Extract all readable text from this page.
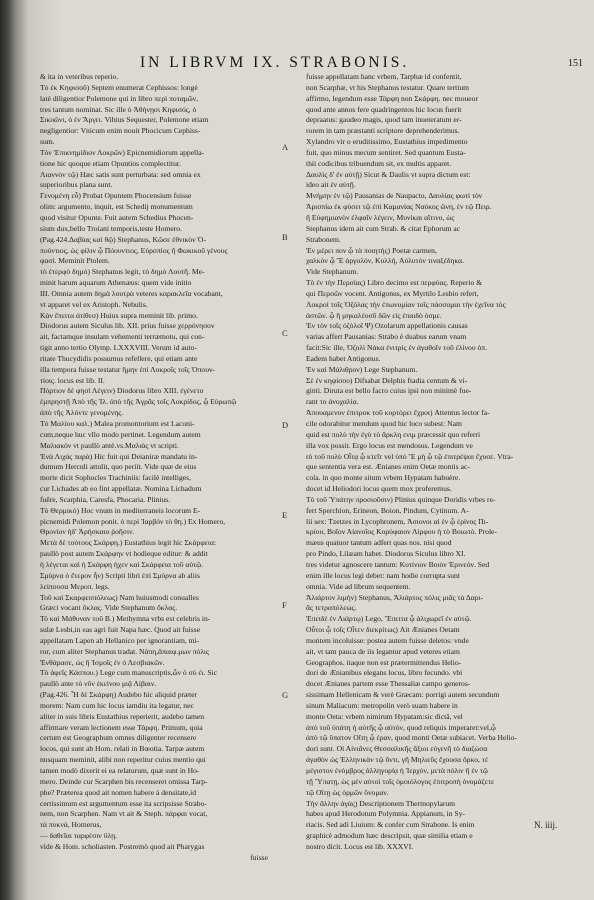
IN LIBRVM IX. STRABONIS.	151
& ita in veteribus reperio.
Τὸ ἐκ Κηφισοῦ) Septem enumerat Cephissos: longè
latè diligentior Polemone qui in libro περὶ ποταμῶν,
tres tantum nominat. Sic ille ὁ Ἀθήνῃσι Κηφισός, ὁ
Σικυῶνι, ὁ ἐν Ἄργει. Vibius Sequester, Polemone etiam
negligentior: Vnicum enim nouit Phocicum Cephiss-
sum.
Τὸν Ἐπικνημίδιον Λοκρῶν) Epicnemidiorum appella-
tione hic quoque etiam Opuntios complectitur.
Λιαννὸν τῷ) Hæc satis sunt perturbata: sed omnia ex
superioribus plana sunt.
Γενομένη εὖ) Probat Opuntem Phocensium fuisse
olim: argumento, inquit, est Schedij monumentum
quod visitur Opunte. Fuit autem Schedius Phocen-
sium dux,bello Troiani temporis,teste Homero.
(Pag.424.Δαβίας καὶ θῷ) Stephanus, Κῶσε ἐθνικὸν Ὀ-
πούντιος, ὡς φίλιν ᾧ Πόουντιος, Εὐρσπίος ἤ Φωκικοῦ γένους
φασί. Meminit Ptolem.
τὸ ἐτερφὸ δημὸ) Stephanus legit, τὸ δημὸ Λουτῆ. Me-
minit harum aquarum Athenæus: quem vide initio
III. Omnia autem δημὰ λουτρὰ veteres καρακλεῖα vocabant,
vt apparet vel ex Aristoph. Nebulis.
Κὰν ἔπειτα ἀτίθεσ) Huius supra meminit lib. primo.
Diodorus autem Siculus lib. XII. prius fuisse χερρόνησον
ait, factamque insulam vehementi terræmotu, qui con-
tigit anno tertio Olymp. LXXXVIII. Verum id auto-
ritate Thucydidis possumus refellere, qui etiam ante
illa tempora fuisse testatur ἥμην ἐπὶ Λοκροῖς τοῖς Ὀπουν-
τίοις. locus est lib. II.
Πόρτιον δὲ φησὶ Λέγειν) Diodorus libro XIII. ἐγένετο
ἐμπρηστῇ Ἀπὸ τῆς Ἰλ. ἀπὸ τῆς Ἀγρᾶς τοῖς Λοκρίδος, ᾧ Εὐρωπῷ
ἀπὸ τῆς Ἀλόντε γενομένης.
Τὸ Μαλίου καλ.) Malea promontorium est Laconi-
cum,neque huc vllo modo pertinet. Legendum autem
Μαλιακόν vt paullò antè.vs.Μαλιὰς vt scripti.
Ἐνὰ Λιχάς παρὰ) Hic fuit qui Deianiræ mandatu in-
dumum Herculi attulit, quo periit. Vide quæ de eius
morte dicit Sophocles Trachiniis: facilè intelliges,
cur Lichades ab eo fint appellatæ. Nomina Lichadum
fuêre, Scarphia, Caresfa, Phocaria. Plinius.
Τὸ Θερμικὸ) Hoc vnum in mediterraneis locorum E-
picnemidi Polemon ponit. ὁ περὶ Ἰαρβόν τὸ θη.) Ex Homero,
Θρονὶον ἠδ' Ἀρήσκαιο ῥοῆσιν.
Μετὰ δὲ τούτους Σκάρφη.) Eustathius legit hic Σκάρφεια:
paullò post autem Σκάρφην vt hodieque editur: & addit
ἡ λέγεται καὶ ἡ Σκάρφη ἠχεν καὶ Σκάρφεια τοῦ αὐτῷ.
Σμύρνα ὁ ἕτερον ἦν) Scripti libri ἐπὶ Σμύρνα ab aliis
λείπουσα Μεροπ. legs.
Τοῦ καὶ Σκαρφεοπόλεως) Nam huiusmodi conualles
Græci vocant ὄκλας. Vide Stephanum ὄκλας.
Τό καὶ Μάθυναν τοῦ Β.) Methymna vrbs est celebris in-
sulæ Lesbi,in eas agri fuit Napa hæc. Quod ait fuisse
appellatam Lapen ab Hellanico per ignorantiam, mi-
ror, cum aliter Stephanus tradat. Νάπη,ἄπαιφ.μων πόλις
Ἐνθάρασε, ὡς ἢ Ἰσμοῖς ἐν ὁ Λεσβιακῶν.
Τὸ ἀφεῖς Κάσπου.) Lege cum manuscriptis,ὧν ὁ σὺ ἐι. Sic
paullò ante τὸ νῦν ἐκείνου μιᾷ Λίβαιν.
(Pag.426. Ἦ δὲ Σκάρφη) Audebo hic aliquid præter
morem: Nam cum hic locus iamdiu ita legatur, nec
aliter in suis libris Eustathius reperierit, audebo tamen
affirmare veram lectionem esse Τάρφη. Primum, quia
certum est Geographum omnes diligenter recensere
locos, qui sunt ab Hom. relati in Bœotia. Tarpæ autem
nusquam meminit, alibi non reperitur cuius mentio qui
tamen modò dixerit ei ea relaturum, quæ sunt in Ho-
mero. Deinde cur Scarphen bis recenseret omissa Tarp-
phe? Præterea quod ait nomen habere à densitate,id
certissimum est argumentum esse ita scripsisse Strabo-
nem, non Scarphen. Nam vt ait & Steph. πάρφαι vocat,
τὰ πυκνὰ, Homerus,
— δαθεῖαι ταρφέσιν ὕλῃ.
vide & Hom. scholiasten. Postremò quod ait Pharygas
fuisse
fuisse appellatam hanc vrbem, Tarphæ id confentit,
non Scarphæ, vt his Stephanus testatur. Quare tertium
affirmo, legendum esse Τάρφη non Σκάρφη. nec moueor
quod ante annos fere quadringentos hic locus fuerit
depraatus: gaudeo magis, quod tam inueteratum er-
rorem in tam præstanti scriptore deprehenderimus.
Xylandro vir o eruditissimo, Eustathius impedimento
fuit, quo minus mecum sentiret. Sed quantum Eusta-
thii codicibus tribuendum sit, ex multis apparet.
Δαυλὶς δ' ἐν αὐτῇ) Sicut & Daulis vt supra dictum est:
ideo ait ἐν αὐτῇ.
Μνήμην ἐν τῷ) Pausanias de Naupacto, Δαυλίας φωτὶ τὸν
Ἀρισπίω ἐκ φύσει τῷ ἐπὶ Καμανίας Ναύκος ὤνη, ἐν τῷ Πειρ.
ἢ Εὐφημιανὸν ἐλφαῖν λέγειν, Μυνίκαι αἴτινο, ὡς
Stephanus idem ait cum Strab. & citat Ephorum ac
Strabonem.
Ἐν μέρει πον ᾧ τὰ ποιητὴς) Poetæ carmen,
χαλκὸν ᾧ Ἔ ἀργολόν, Κυλλὴ, Αὐλυτόν τιναξέδηκα.
Vide Stephanum.
Τὸ ἐν τὴν Περσίας) Libro decimo est περφύας. Reperio &
qui Περσῶν vocent. Antigonus, ex Myrtilo Lesbio refert,
Λοκροὶ τοῖς Ὀζόλας τὴν ἐπωνυμίαν τοῖς πάσσομαι τὴν ἐχεῖνα τὸς
ἀστῶν. ᾧ ἢ μηκαλέοσῦ δῶν εἰς ἐπαιδὸ ὁσμε.
Ἐν τὸν τοῖς ὀζόλοῖ Ψ) Ozolarum appellationis causas
varias affert Pausanias: Strabo è duabus earum vnam
facit:Sic ille, Ὀζολὶ Νάκα ἐνιτρὶς ἐν ἀγαθοῖν τοῦ ἐλίνου ὁπ.
Eadem habet Antigonus.
Ἐν καὶ Μάλιθρον) Lege Stephanum.
Σὲ ἐν κηφίσου) Difsabat Delphis ftadia centum & vi-
ginti. Diruta est bello facro cuius ipsi non minimè fue-
rant το ἀνοχαλία.
Ἀπουαμενον ἐπιτροκ τοῦ κυρτόρει ἔχροι) Attentus lector fa-
cile odorabitur mendum quod hic loco subest: Nam
quid est πολὺ τὴν ἐγὺ τὸ ἄρκλη ενιμ præcessit quo referri
illa vox possit. Ergo locus est mendosus. Legendum ve
rò τοῦ πολὺ Οἶτᾳ ᾧ κτεῖτ vel ὑπὸ Ἔ μὴ ᾧ τῷ ἐπιτρέψαι ἔχυσε. Vtra-
que sententia vera est. Ænianes enim Oetæ montis ac-
cola. in quo monte situm vrbem Hypatam habuère.
docet id Heliodori locus quem mox proferemus.
Τὸ τοῦ Ὑπάτην προσιοῦσιν) Plinius quinque Doridis vrbes re-
fert Sperchion, Erineon, Boion, Pindum, Cytinum. A-
lii sex: Tzetzes in Lycophronem, Ἀσιονοι αἱ ἐν ᾧ ἐρίνος Πι-
κρίου, Βοῖον Αἰανοῖος Κορύφαιον Λίρφου ἡ τὸ Βοιωτὸ. Prole-
mæus quatuor tantum adfert quas nos. nisi quod
pro Pindo, Lilæam habet. Diodorus Siculus libro XI.
tres videtur agnoscere tantum: Κυτίνιον Βοιὸν Ἐρινεὸν. Sed
enim ille locus legi debet: nam hodie corrupta sunt
omnia. Vide ad librum sequentem.
Ἀλιάρτον λιμὴν) Stephanus, Ἀλιάρτος πόλις μιᾶς τὰ Δαρι-
ᾶς τετραπόλεως.
Ἐπειδὲ ἐν Λιάρτῳ) Lego, Ἔπειτα ᾧ ἀλιχωρεῖ ἐν αὐτῷ.
Οὗτοι ᾧ τοῖς Οἶτεν διεκρίτως) Ait Ænianes Oetam
montem incoluisse: postea autem fuisse deletos: vnde
ait, vt tam pauca de iis legantur apud veteres etiam
Geographos. itaque non est prætermittendus Helio-
dori de Ænianibus elegans locus, libro fecundo. vbi
docet Ænianes partem esse Thessaliæ campo generos-
sissimam Hellenicam & verè Græcam: porrigi autem secundum
sinum Maliacum: metropolin verò suam habere in
monte Oeta: vrbem nimirum Hypatam:sic dictâ, vel
ἀπὸ τοῦ ὑπάτη ἡ αὐτῆς ᾧ αὐτὸν, quod reliquis imperaret:vel,ᾧ
ἀπὸ τῷ ὕπατον Οἴτη ᾧ ἐραν, quod monti Oetæ subiacet. Verba Helio-
dori sunt. Οἱ Αἰνιᾶνες Θεσσαλικῆς ἄξιοι εὐγενῆ τὸ διαζώσα
ἀγαθὸν ὡς Ἑλληνικὰν τῷ ὄντι, γῆ Μηλιεῦς ἔχουσα ὅρκο, τέ
μέγιστον ἐνόμβρος ἀλληγορίᾳ ἡ Ἰερχὸν, μετὰ πόλιν ἢ ἐν τῷ
τῇ Ὕπατῃ, ὡς μὲν αὐτοὶ τοῖς ὁμοιόλογος ἐπιτροπὴ ὀνομάζετε
τῷ Οἴτῃ ὡς ὁρμῶν ὄνομαν.
Τὴν ἄλλην ἀγὰς) Descriptionem Thermopylarum
habes apud Herodotum Polymnia. Appianum, in Sy-
riacis. Sed adi Liuium: & confer cum Strabone. Is enim
graphicè admodum hæc descripsit, quæ similia etiam e
nostro dicit. Locus est lib. XXXVI.
A
B
C
D
E
F
G
N. iiij.
